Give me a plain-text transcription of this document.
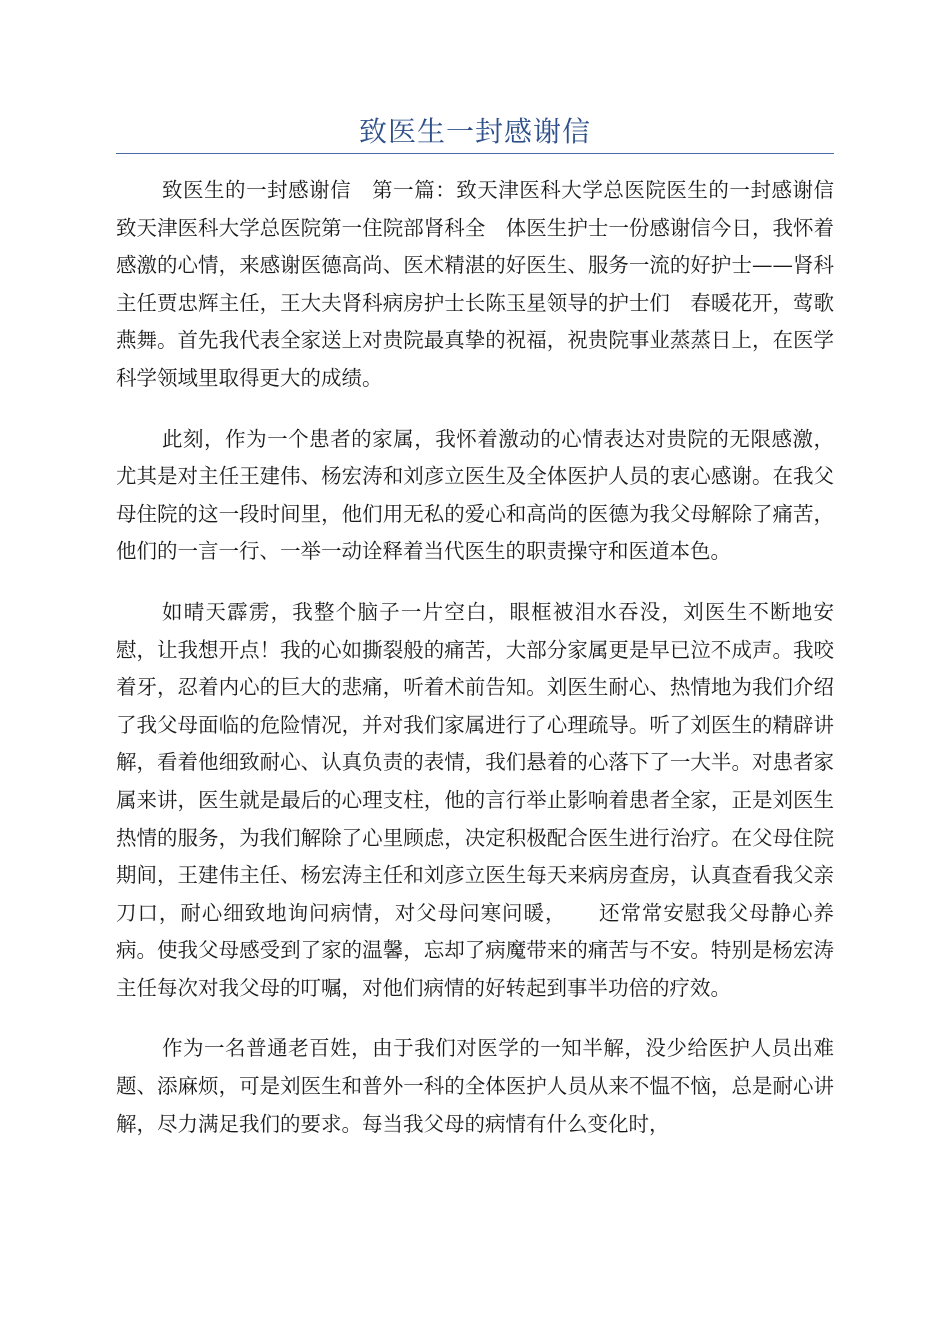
致医生一封感谢信

致医生的一封感谢信　第一篇：致天津医科大学总医院医生的一封感谢信　致天津医科大学总医院第一住院部肾科全　体医生护士一份感谢信今日，我怀着感激的心情，来感谢医德高尚、医术精湛的好医生、服务一流的好护士——肾科主任贾忠辉主任，王大夫肾科病房护士长陈玉星领导的护士们　春暖花开，莺歌燕舞。首先我代表全家送上对贵院最真挚的祝福，祝贵院事业蒸蒸日上，在医学科学领域里取得更大的成绩。

此刻，作为一个患者的家属，我怀着激动的心情表达对贵院的无限感激，尤其是对主任王建伟、杨宏涛和刘彦立医生及全体医护人员的衷心感谢。在我父母住院的这一段时间里，他们用无私的爱心和高尚的医德为我父母解除了痛苦，他们的一言一行、一举一动诠释着当代医生的职责操守和医道本色。

如晴天霹雳，我整个脑子一片空白，眼框被泪水吞没，刘医生不断地安慰，让我想开点！我的心如撕裂般的痛苦，大部分家属更是早已泣不成声。我咬着牙，忍着内心的巨大的悲痛，听着术前告知。刘医生耐心、热情地为我们介绍了我父母面临的危险情况，并对我们家属进行了心理疏导。听了刘医生的精辟讲解，看着他细致耐心、认真负责的表情，我们悬着的心落下了一大半。对患者家属来讲，医生就是最后的心理支柱，他的言行举止影响着患者全家，正是刘医生热情的服务，为我们解除了心里顾虑，决定积极配合医生进行治疗。在父母住院期间，王建伟主任、杨宏涛主任和刘彦立医生每天来病房查房，认真查看我父亲刀口，耐心细致地询问病情，对父母问寒问暖，　　还常常安慰我父母静心养病。使我父母感受到了家的温馨，忘却了病魔带来的痛苦与不安。特别是杨宏涛主任每次对我父母的叮嘱，对他们病情的好转起到事半功倍的疗效。

作为一名普通老百姓，由于我们对医学的一知半解，没少给医护人员出难题、添麻烦，可是刘医生和普外一科的全体医护人员从来不愠不恼，总是耐心讲解，尽力满足我们的要求。每当我父母的病情有什么变化时，
